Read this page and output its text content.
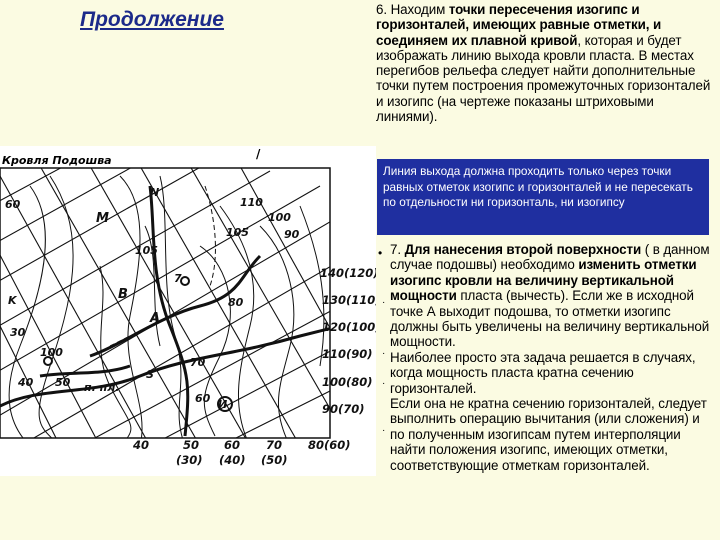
Продолжение	6. Находим точки пересечения изогипс и горизонталей, имеющих равные отметки, и соединяем их плавной кривой, которая и будет изображать линию выхода кровли пласта. В местах перегибов рельефа следует найти дополнительные точки путем построения промежуточных горизонталей и изогипс (на чертеже показаны штриховыми линиями).
Линия выхода должна проходить только через точки равных отметок изогипс и горизонталей и не пересекать по отдельности ни горизонталь, ни изогипсу
• 7. Для нанесения второй поверхности ( в данном случае подошвы) необходимо изменить отметки изогипс кровли на величину вертикальной мощности пласта (вычесть). Если же в исходной точке А выходит подошва, то отметки изогипс должны быть увеличены на величину вертикальной мощности.
Наиболее просто эта задача решается в случаях, когда мощность пласта кратна сечению горизонталей.
Если она не кратна сечению горизонталей, следует выполнить операцию вычитания (или сложения) и по полученным изогипсам путем интерполяции найти положения изогипс, имеющих отметки, соответствующие отметкам горизонталей.
·
·
·
·
Кровля Подошва	/
110
100
90
105
N
M
105
B
A
S
K
п. пл.
80
70
60
50
40
30
60
100
7
И
140(120)
130(110)
120(100)
110(90)
100(80)
90(70)
80(60)
40	50
(30)
60
(40)
70
(50)
